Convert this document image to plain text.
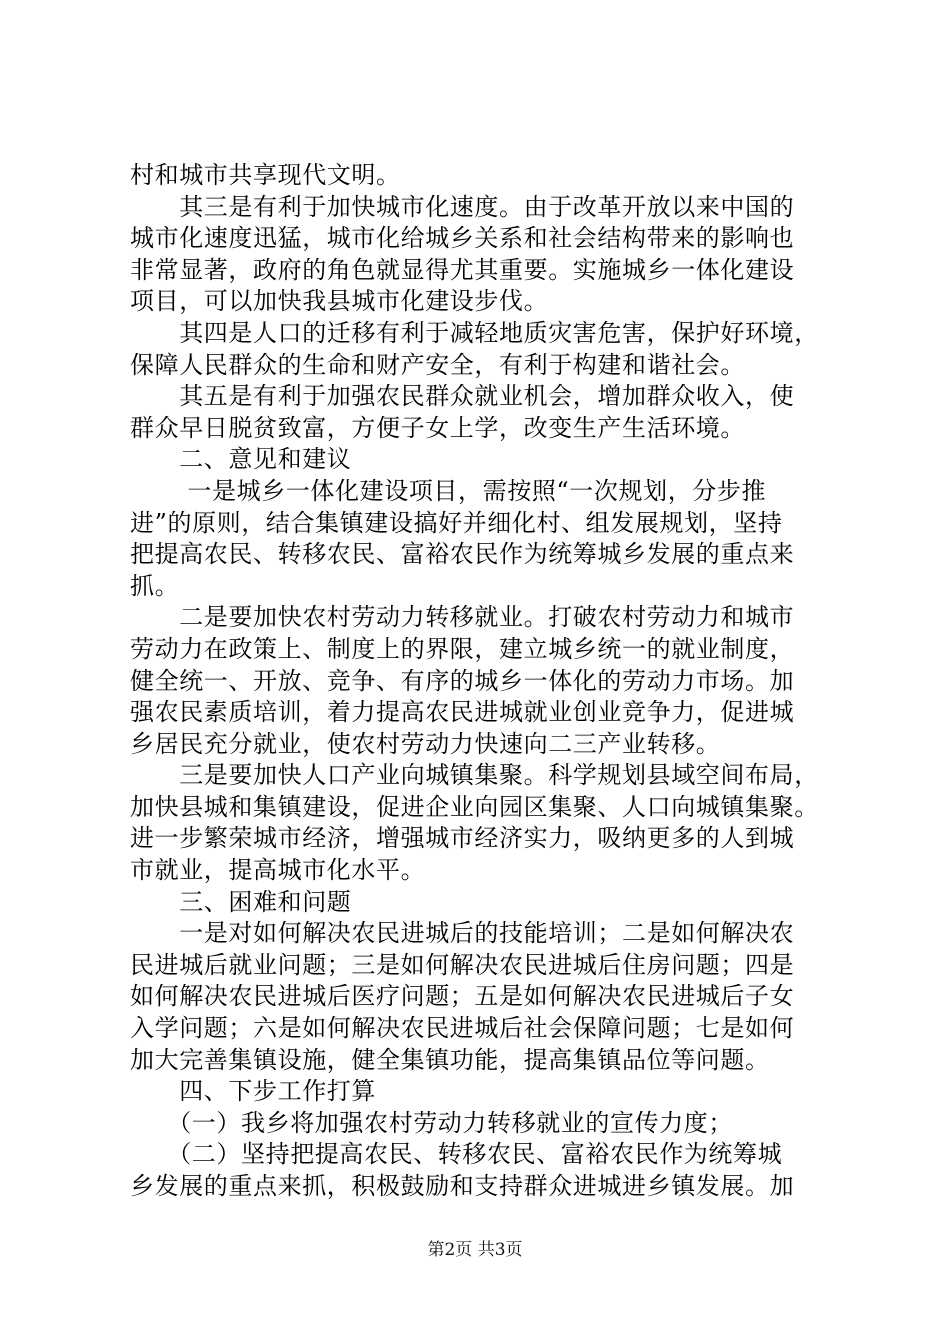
村和城市共享现代文明。
　　其三是有利于加快城市化速度。由于改革开放以来中国的
城市化速度迅猛，城市化给城乡关系和社会结构带来的影响也
非常显著，政府的角色就显得尤其重要。实施城乡一体化建设
项目，可以加快我县城市化建设步伐。
　　其四是人口的迁移有利于减轻地质灾害危害，保护好环境，
保障人民群众的生命和财产安全，有利于构建和谐社会。
　　其五是有利于加强农民群众就业机会，增加群众收入，使
群众早日脱贫致富，方便子女上学，改变生产生活环境。
　　二、意见和建议
　　 一是城乡一体化建设项目，需按照“一次规划，分步推
进”的原则，结合集镇建设搞好并细化村、组发展规划，坚持
把提高农民、转移农民、富裕农民作为统筹城乡发展的重点来
抓。
　　二是要加快农村劳动力转移就业。打破农村劳动力和城市
劳动力在政策上、制度上的界限，建立城乡统一的就业制度，
健全统一、开放、竞争、有序的城乡一体化的劳动力市场。加
强农民素质培训，着力提高农民进城就业创业竞争力，促进城
乡居民充分就业，使农村劳动力快速向二三产业转移。
　　三是要加快人口产业向城镇集聚。科学规划县域空间布局，
加快县城和集镇建设，促进企业向园区集聚、人口向城镇集聚。
进一步繁荣城市经济，增强城市经济实力，吸纳更多的人到城
市就业，提高城市化水平。
　　三、困难和问题
　　一是对如何解决农民进城后的技能培训；二是如何解决农
民进城后就业问题；三是如何解决农民进城后住房问题；四是
如何解决农民进城后医疗问题；五是如何解决农民进城后子女
入学问题；六是如何解决农民进城后社会保障问题；七是如何
加大完善集镇设施，健全集镇功能，提高集镇品位等问题。
　　四、下步工作打算
　　（一）我乡将加强农村劳动力转移就业的宣传力度；
　　（二）坚持把提高农民、转移农民、富裕农民作为统筹城
乡发展的重点来抓，积极鼓励和支持群众进城进乡镇发展。加
第2页 共3页
